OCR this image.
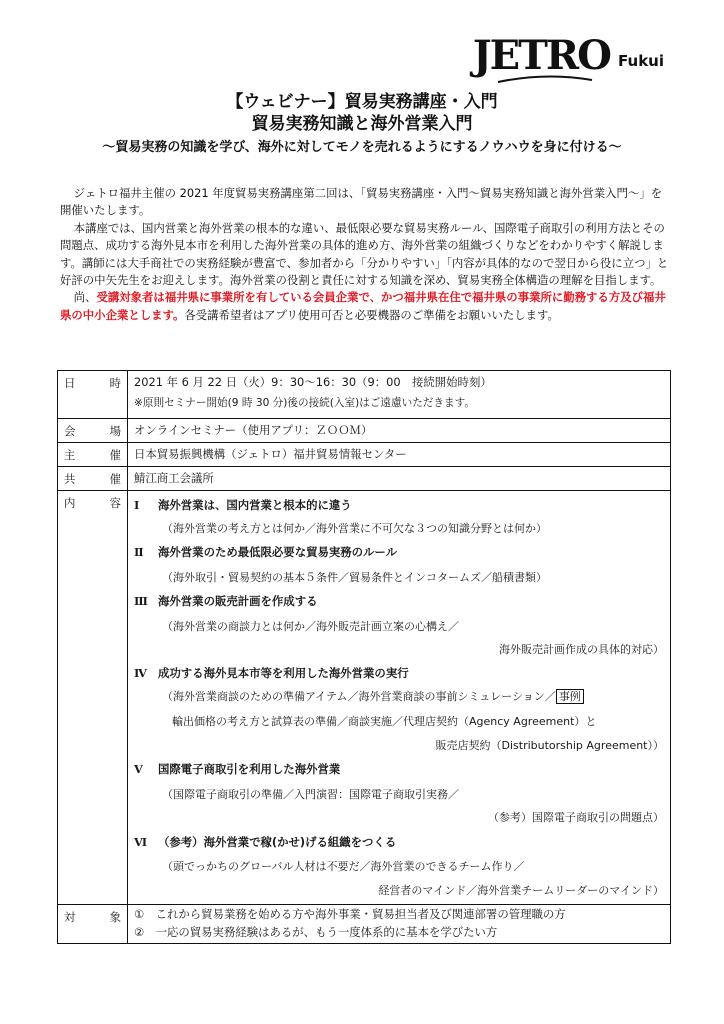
JETRO Fukui
【ウェビナー】貿易実務講座・入門
貿易実務知識と海外営業入門
～貿易実務の知識を学び、海外に対してモノを売れるようにするノウハウを身に付ける～

ジェトロ福井主催の 2021 年度貿易実務講座第二回は、「貿易実務講座・入門～貿易実務知識と海外営業入門～」を開催いたします。

本講座では、国内営業と海外営業の根本的な違い、最低限必要な貿易実務ルール、国際電子商取引の利用方法とその問題点、成功する海外見本市を利用した海外営業の具体的進め方、海外営業の組織づくりなどをわかりやすく解説します。講師には大手商社での実務経験が豊富で、参加者から「分かりやすい」「内容が具体的なので翌日から役に立つ」と好評の中矢先生をお迎えします。海外営業の役割と責任に対する知識を深め、貿易実務全体構造の理解を目指します。

尚、受講対象者は福井県に事業所を有している会員企業で、かつ福井県在住で福井県の事業所に勤務する方及び福井県の中小企業とします。各受講希望者はアプリ使用可否と必要機器のご準備をお願いいたします。

日	時 2021 年 6 月 22 日（火）9：30～16：30（9：00　接続開始時刻）
※原則セミナー開始(9 時 30 分)後の接続(入室)はご遠慮いただきます。
会	場 オンラインセミナー（使用アプリ：ＺＯＯＭ）
主	催 日本貿易振興機構（ジェトロ）福井貿易情報センター
共	催 鯖江商工会議所
内	容 Ⅰ 海外営業は、国内営業と根本的に違う
（海外営業の考え方とは何か／海外営業に不可欠な３つの知識分野とは何か）
Ⅱ 海外営業のため最低限必要な貿易実務のルール
（海外取引・貿易契約の基本５条件／貿易条件とインコタームズ／船積書類）
Ⅲ 海外営業の販売計画を作成する
（海外営業の商談力とは何か／海外販売計画立案の心構え／
海外販売計画作成の具体的対応）
Ⅳ 成功する海外見本市等を利用した海外営業の実行
（海外営業商談のための準備アイテム／海外営業商談の事前シミュレーション／ 事例
輸出価格の考え方と試算表の準備／商談実施／代理店契約（Agency Agreement）と
販売店契約（Distributorship Agreement））
Ⅴ 国際電子商取引を利用した海外営業
（国際電子商取引の準備／入門演習：国際電子商取引実務／
（参考）国際電子商取引の問題点）
Ⅵ （参考）海外営業で稼(かせ)げる組織をつくる
（頭でっかちのグローバル人材は不要だ／海外営業のできるチーム作り／
経営者のマインド／海外営業チームリーダーのマインド）
対	象 ①　これから貿易業務を始める方や海外事業・貿易担当者及び関連部署の管理職の方
②　一応の貿易実務経験はあるが、もう一度体系的に基本を学びたい方
